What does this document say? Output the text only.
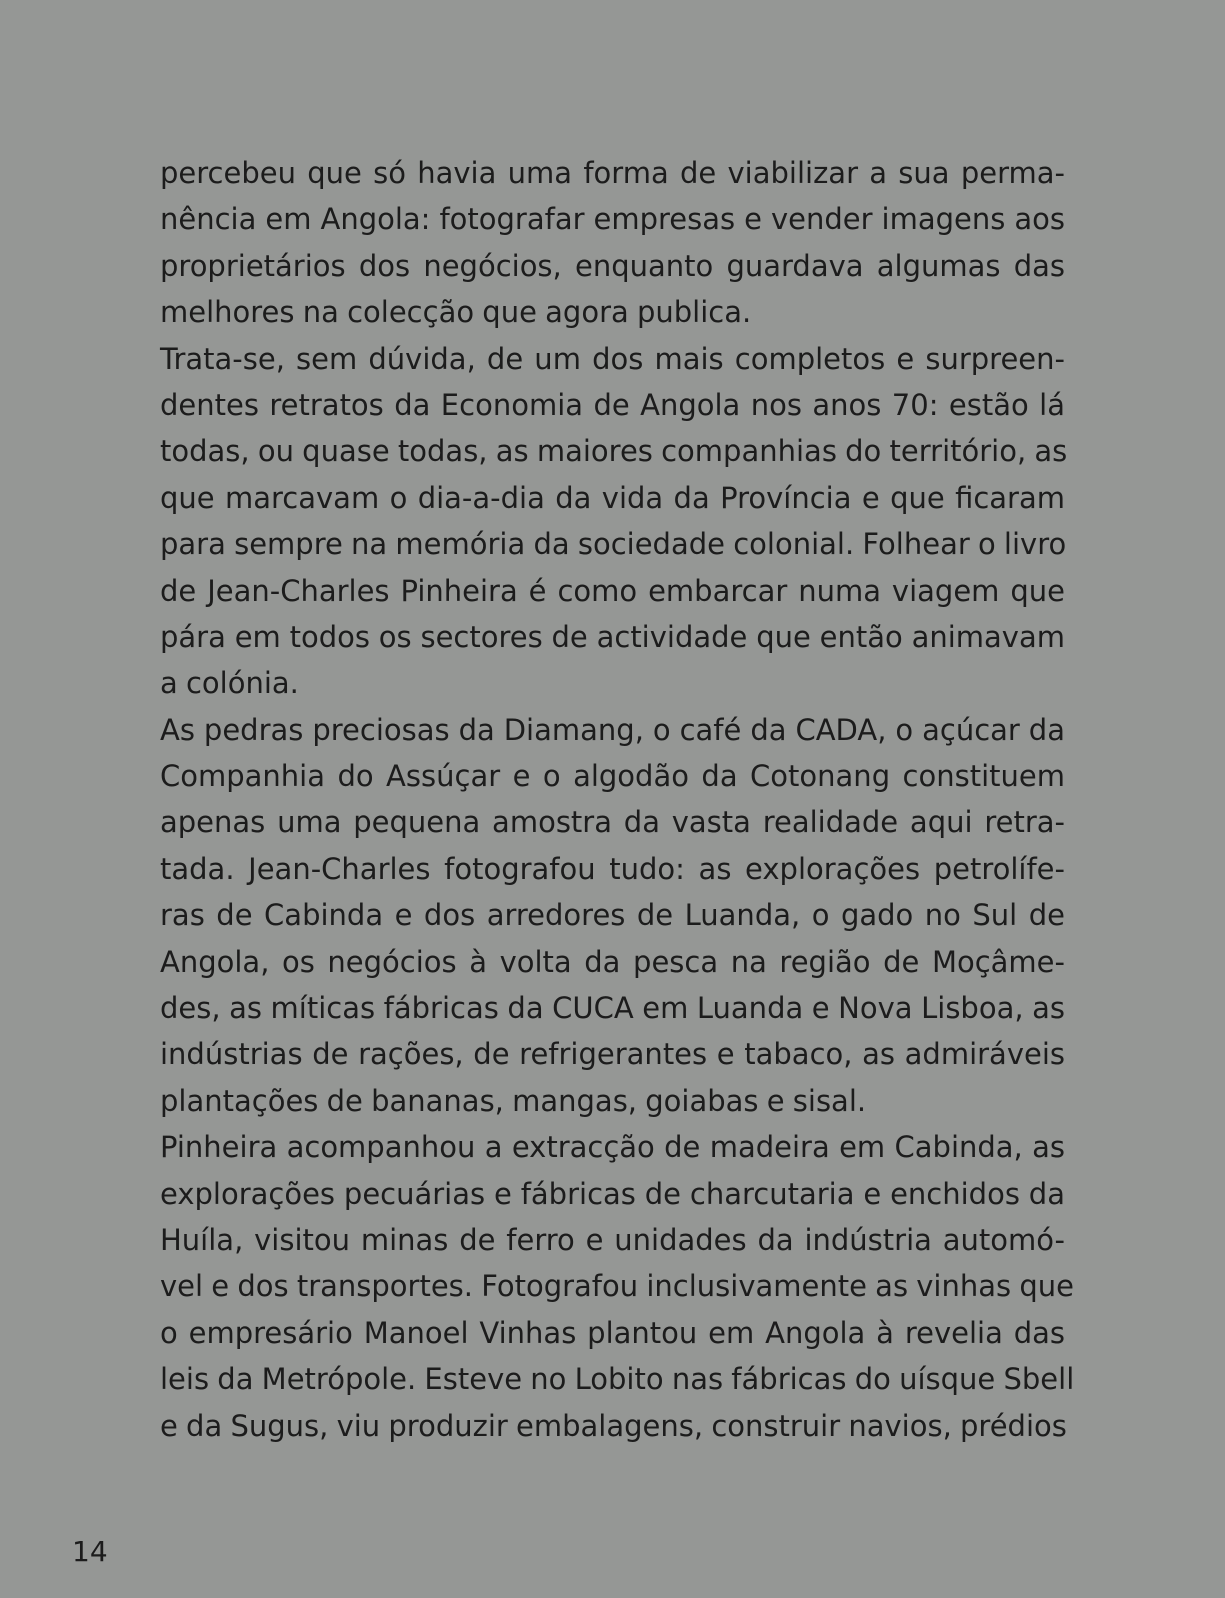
percebeu que só havia uma forma de viabilizar a sua perma-
nência em Angola: fotografar empresas e vender imagens aos
proprietários dos negócios, enquanto guardava algumas das
melhores na colecção que agora publica.
Trata-se, sem dúvida, de um dos mais completos e surpreen-
dentes retratos da Economia de Angola nos anos 70: estão lá
todas, ou quase todas, as maiores companhias do território, as
que marcavam o dia-a-dia da vida da Província e que ficaram
para sempre na memória da sociedade colonial. Folhear o livro
de Jean-Charles Pinheira é como embarcar numa viagem que
pára em todos os sectores de actividade que então animavam
a colónia.
As pedras preciosas da Diamang, o café da CADA, o açúcar da
Companhia do Assúçar e o algodão da Cotonang constituem
apenas uma pequena amostra da vasta realidade aqui retra-
tada. Jean-Charles fotografou tudo: as explorações petrolífe-
ras de Cabinda e dos arredores de Luanda, o gado no Sul de
Angola, os negócios à volta da pesca na região de Moçâme-
des, as míticas fábricas da CUCA em Luanda e Nova Lisboa, as
indústrias de rações, de refrigerantes e tabaco, as admiráveis
plantações de bananas, mangas, goiabas e sisal.
Pinheira acompanhou a extracção de madeira em Cabinda, as
explorações pecuárias e fábricas de charcutaria e enchidos da
Huíla, visitou minas de ferro e unidades da indústria automó-
vel e dos transportes. Fotografou inclusivamente as vinhas que
o empresário Manoel Vinhas plantou em Angola à revelia das
leis da Metrópole. Esteve no Lobito nas fábricas do uísque Sbell
e da Sugus, viu produzir embalagens, construir navios, prédios
14
